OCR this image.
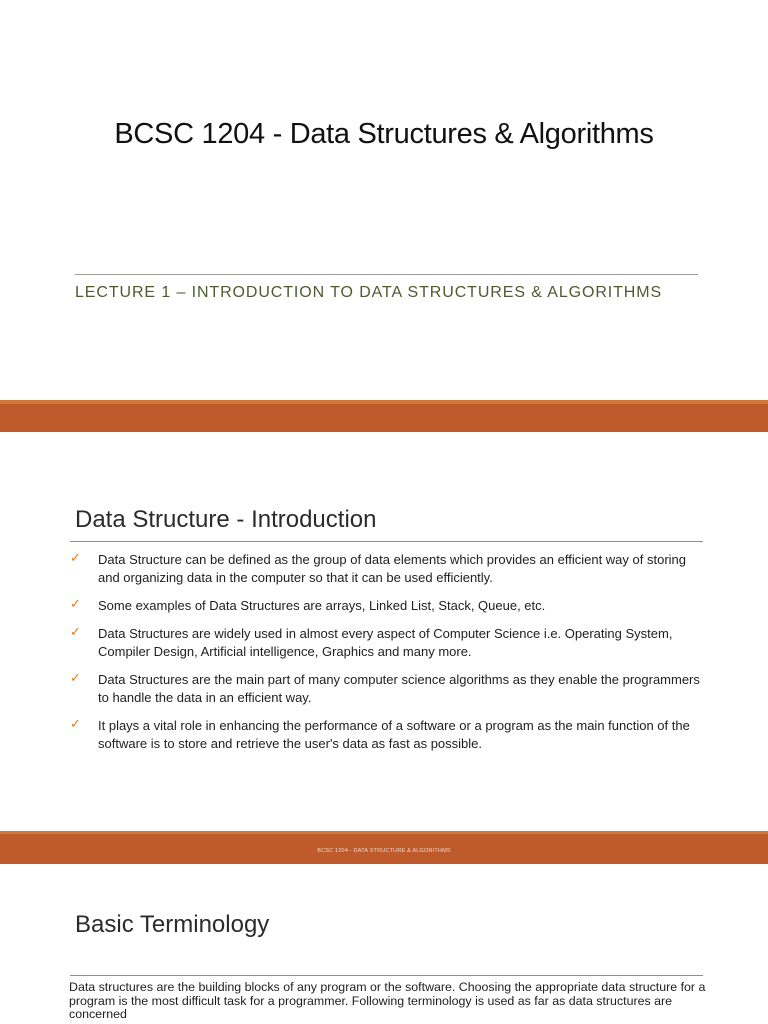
BCSC 1204 - Data Structures & Algorithms
LECTURE 1 – INTRODUCTION TO DATA STRUCTURES & ALGORITHMS
Data Structure - Introduction
✓ Data Structure can be defined as the group of data elements which provides an efficient way of storing and organizing data in the computer so that it can be used efficiently.
✓ Some examples of Data Structures are arrays, Linked List, Stack, Queue, etc.
✓ Data Structures are widely used in almost every aspect of Computer Science i.e. Operating System, Compiler Design, Artificial intelligence, Graphics and many more.
✓ Data Structures are the main part of many computer science algorithms as they enable the programmers to handle the data in an efficient way.
✓ It plays a vital role in enhancing the performance of a software or a program as the main function of the software is to store and retrieve the user's data as fast as possible.
BCSC 1204 - DATA STRUCTURE & ALGORITHMS
Basic Terminology
Data structures are the building blocks of any program or the software. Choosing the appropriate data structure for a program is the most difficult task for a programmer. Following terminology is used as far as data structures are concerned
